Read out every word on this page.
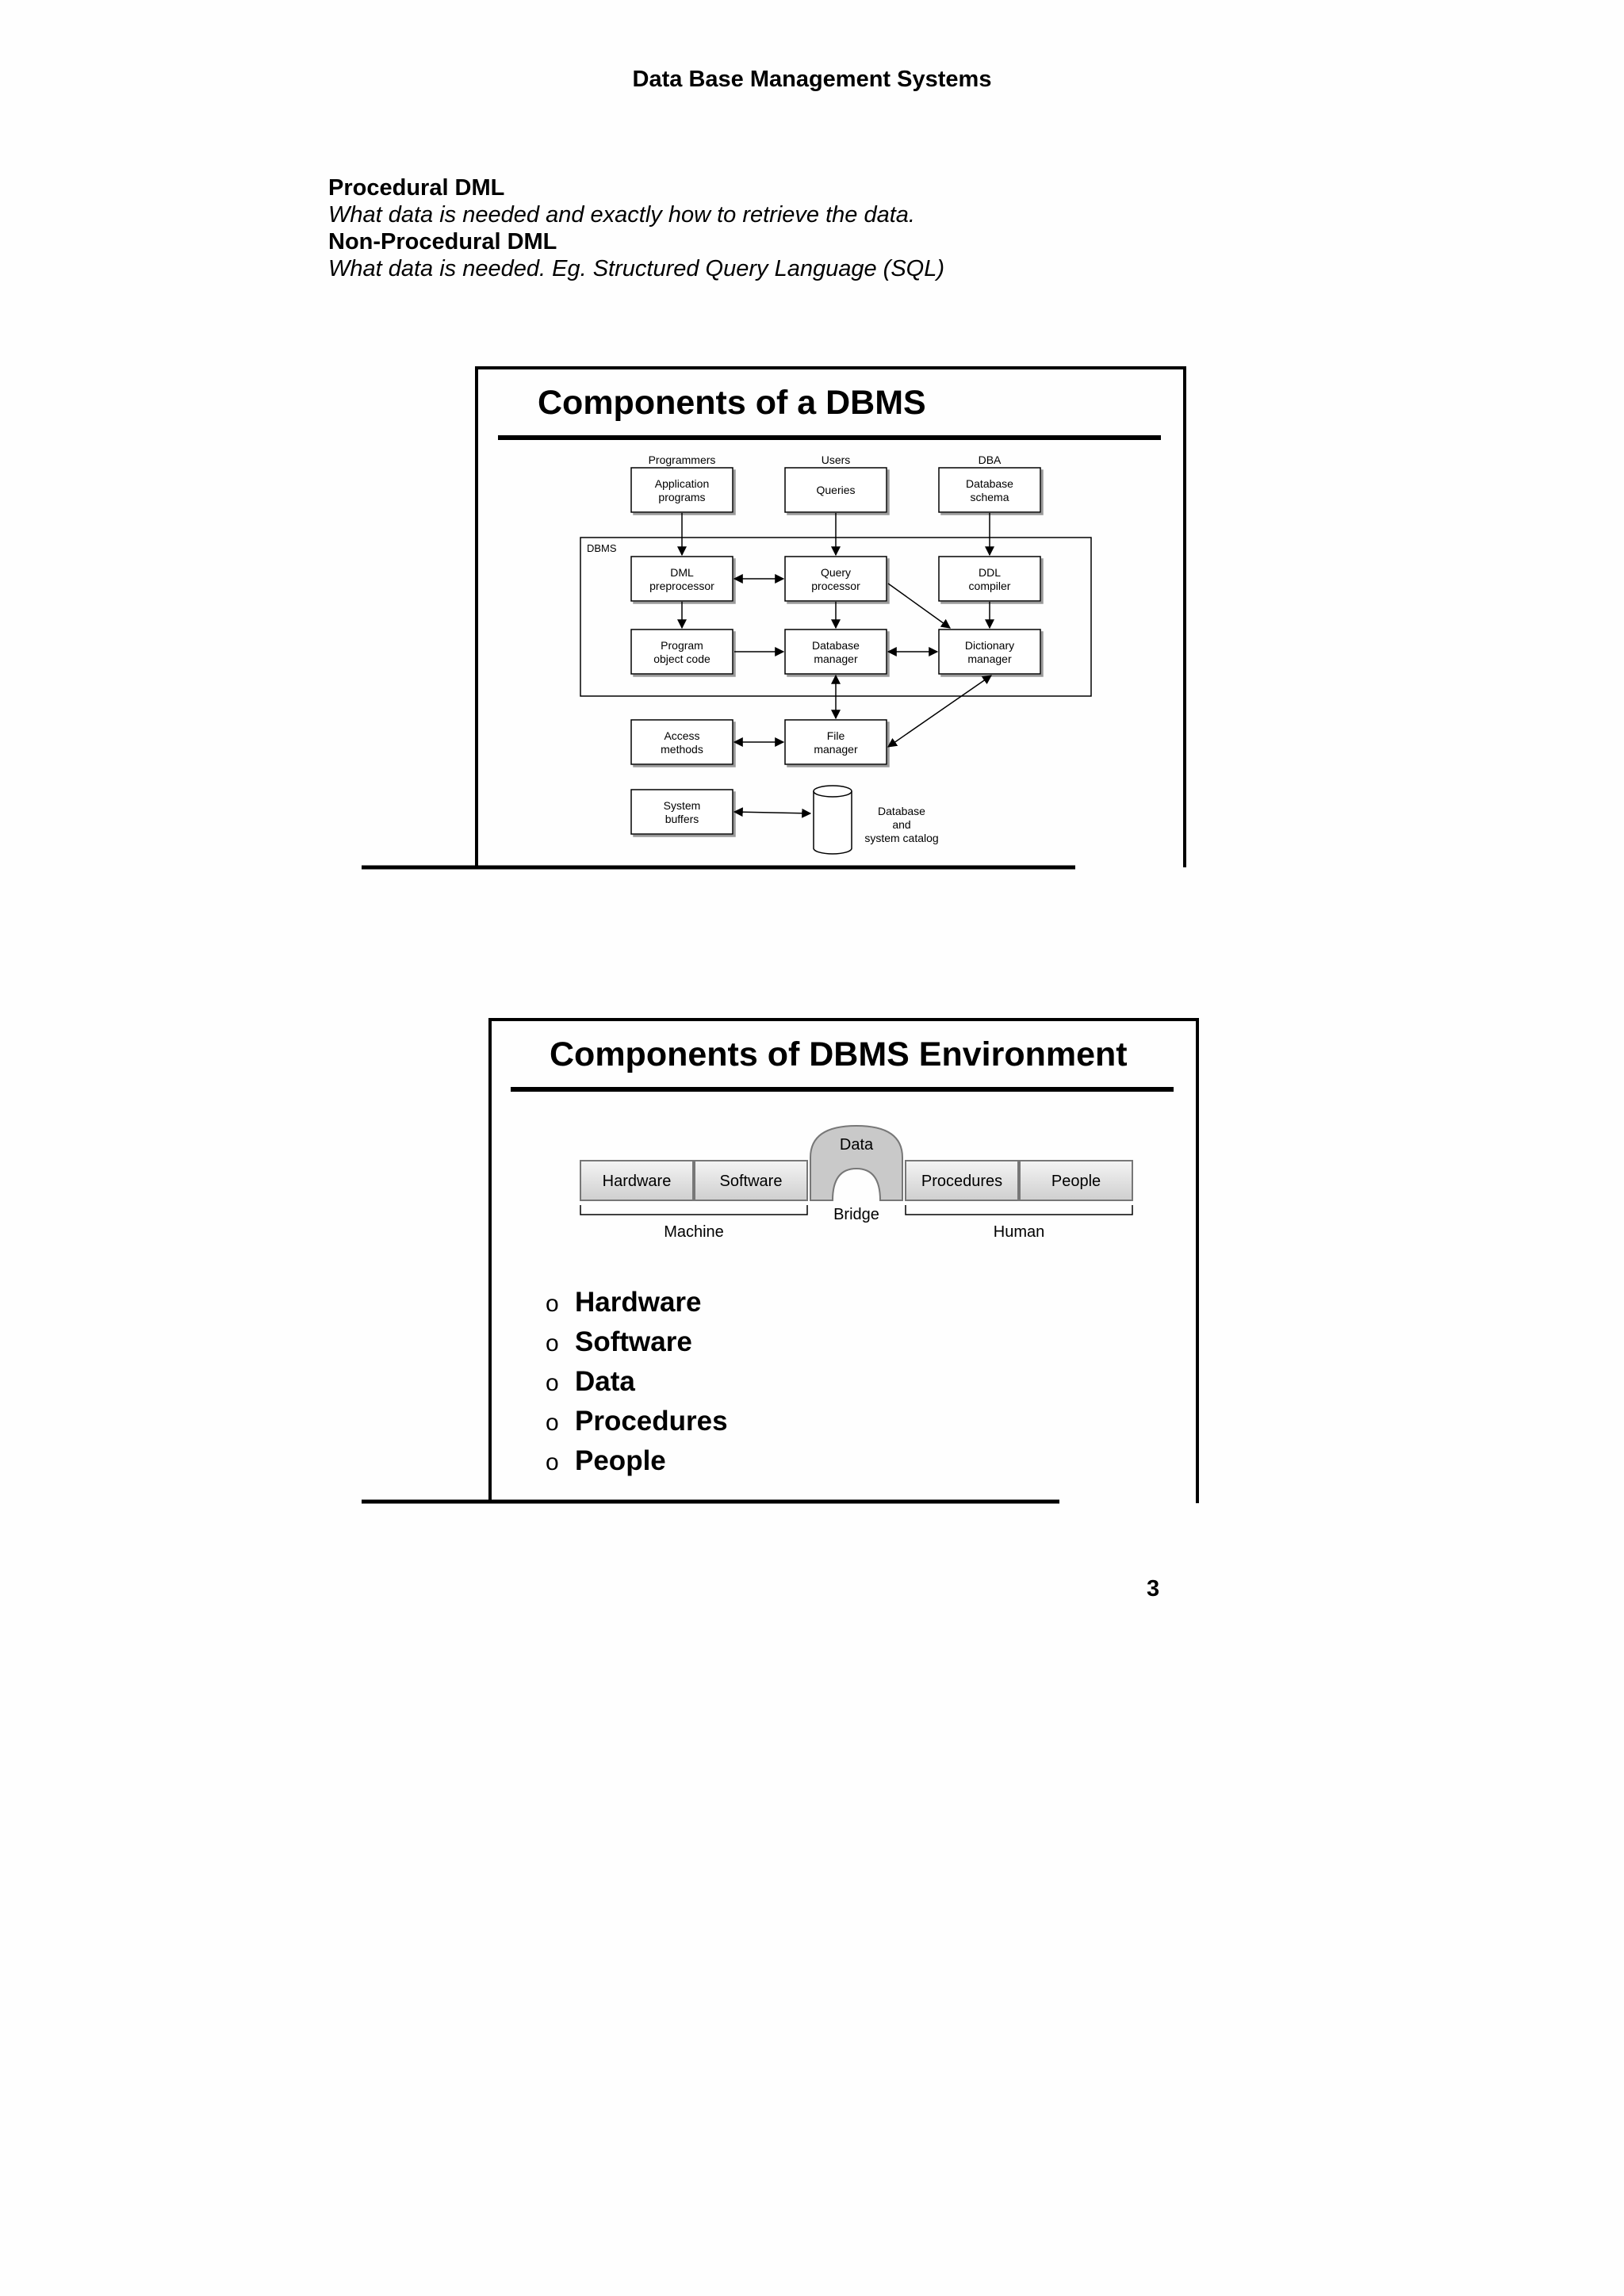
Data Base Management Systems
Procedural DML
What data is needed and exactly how to retrieve the data.
Non-Procedural DML
What data is needed. Eg. Structured Query Language (SQL)
Components of a DBMS
Programmers	Users	DBA
DBMS
Application
programs
Queries	Database
schema
DML
preprocessor
Query
processor
DDL
compiler
Program
object code
Database
manager
Dictionary
manager
Access
methods
File
manager
System
buffers
Database
and
system catalog
Components of DBMS Environment
Hardware	Software
Data
Procedures	People
Machine
Bridge
Human
o Hardware
o Software
o Data
o Procedures
o People
3
